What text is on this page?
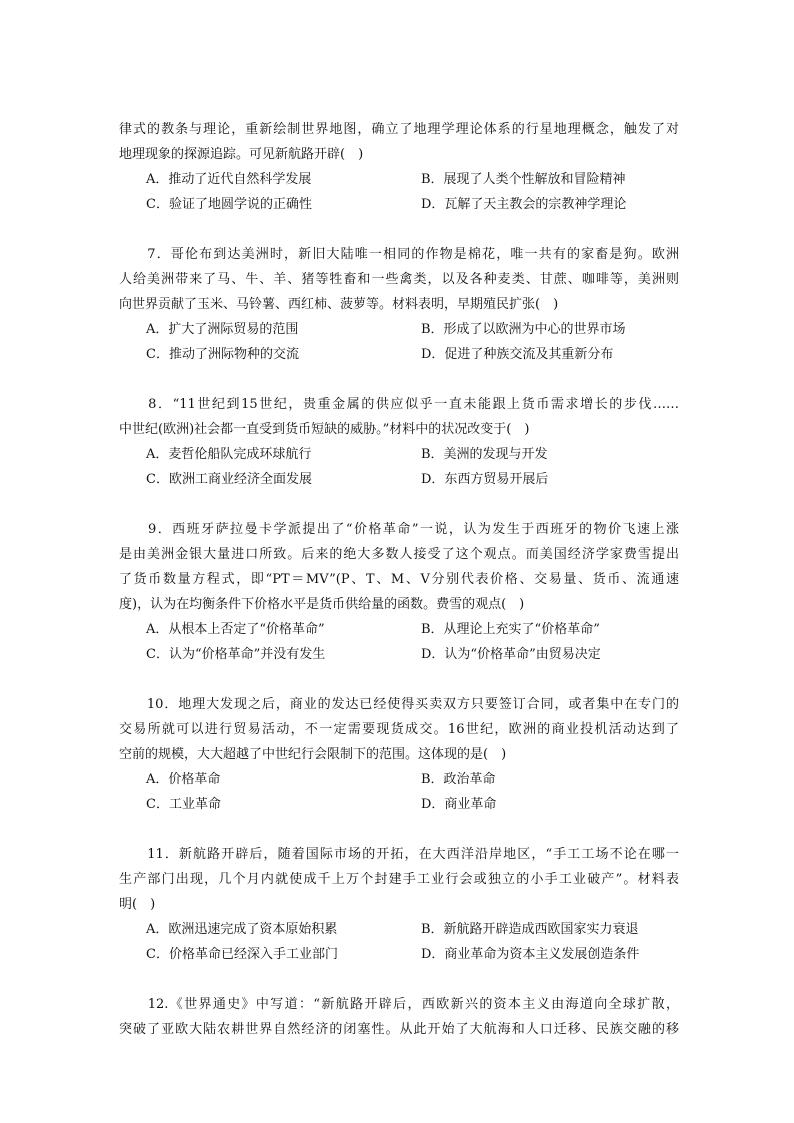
律式的教条与理论，重新绘制世界地图，确立了地理学理论体系的行星地理概念，触发了对
地理现象的探源追踪。可见新航路开辟(　)
A．推动了近代自然科学发展	B．展现了人类个性解放和冒险精神
C．验证了地圆学说的正确性	D．瓦解了天主教会的宗教神学理论
　　7．哥伦布到达美洲时，新旧大陆唯一相同的作物是棉花，唯一共有的家畜是狗。欧洲
人给美洲带来了马、牛、羊、猪等牲畜和一些禽类，以及各种麦类、甘蔗、咖啡等，美洲则
向世界贡献了玉米、马铃薯、西红柿、菠萝等。材料表明，早期殖民扩张(　)
A．扩大了洲际贸易的范围	B．形成了以欧洲为中心的世界市场
C．推动了洲际物种的交流	D．促进了种族交流及其重新分布
　　8．“11世纪到15世纪，贵重金属的供应似乎一直未能跟上货币需求增长的步伐……
中世纪(欧洲)社会都一直受到货币短缺的威胁。”材料中的状况改变于(　)
A．麦哲伦船队完成环球航行	B．美洲的发现与开发
C．欧洲工商业经济全面发展	D．东西方贸易开展后
　　9．西班牙萨拉曼卡学派提出了“价格革命”一说，认为发生于西班牙的物价飞速上涨
是由美洲金银大量进口所致。后来的绝大多数人接受了这个观点。而美国经济学家费雪提出
了货币数量方程式，即“PT＝MV”(P、T、M、V分别代表价格、交易量、货币、流通速
度)，认为在均衡条件下价格水平是货币供给量的函数。费雪的观点(　)
A．从根本上否定了“价格革命”	B．从理论上充实了“价格革命”
C．认为“价格革命”并没有发生	D．认为“价格革命”由贸易决定
　　10．地理大发现之后，商业的发达已经使得买卖双方只要签订合同，或者集中在专门的
交易所就可以进行贸易活动，不一定需要现货成交。16世纪，欧洲的商业投机活动达到了
空前的规模，大大超越了中世纪行会限制下的范围。这体现的是(　)
A．价格革命	B．政治革命
C．工业革命	D．商业革命
　　11．新航路开辟后，随着国际市场的开拓，在大西洋沿岸地区，“手工工场不论在哪一
生产部门出现，几个月内就使成千上万个封建手工业行会或独立的小手工业破产”。材料表
明(　)
A．欧洲迅速完成了资本原始积累	B．新航路开辟造成西欧国家实力衰退
C．价格革命已经深入手工业部门	D．商业革命为资本主义发展创造条件
　　12.《世界通史》中写道：“新航路开辟后，西欧新兴的资本主义由海道向全球扩散，
突破了亚欧大陆农耕世界自然经济的闭塞性。从此开始了大航海和人口迁移、民族交融的移
